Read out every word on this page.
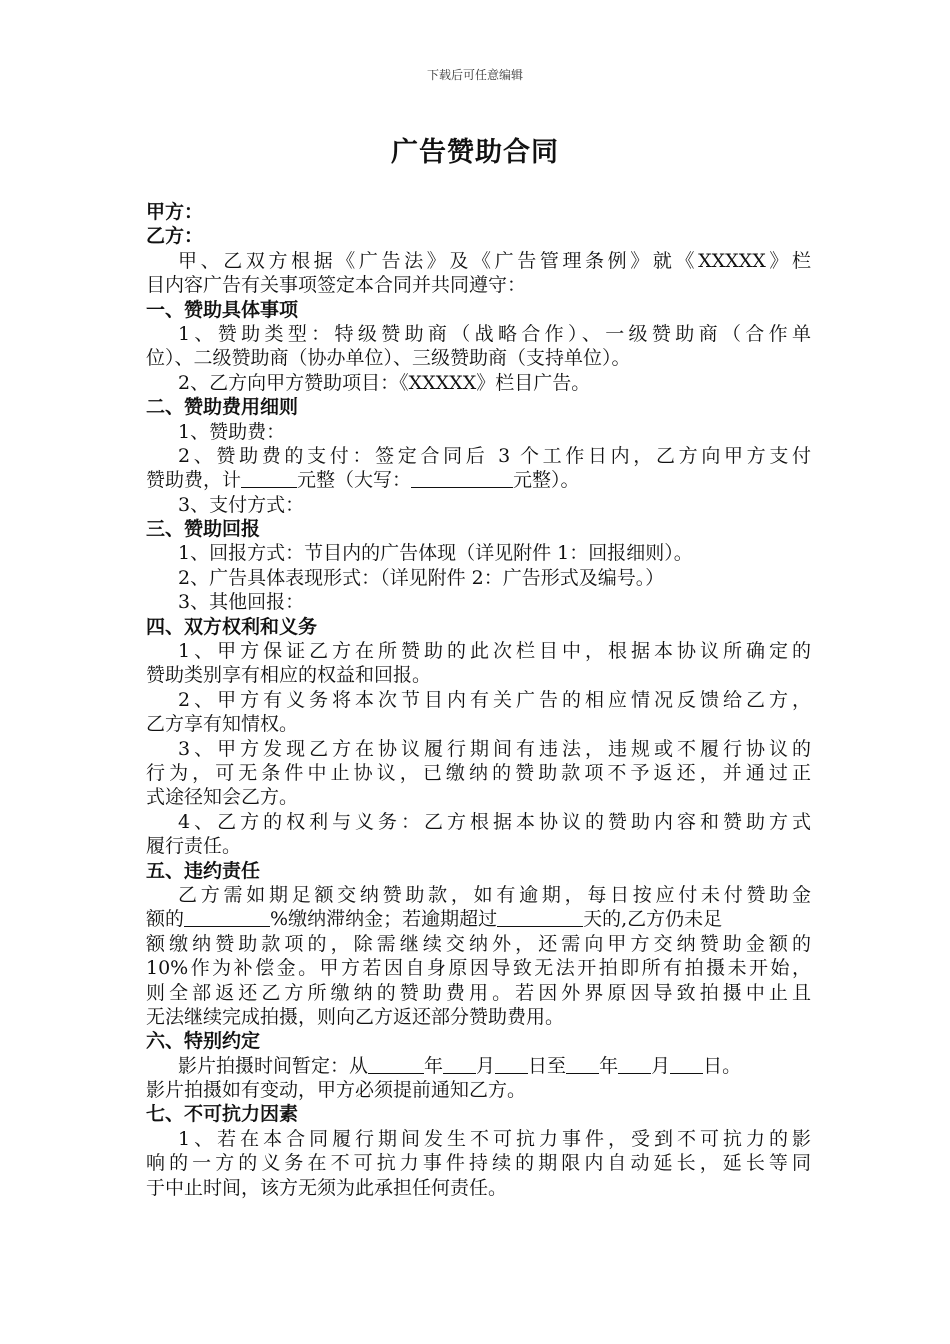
下载后可任意编辑
广告赞助合同
甲方：
乙方：
甲、乙双方根据《广告法》及《广告管理条例》就《XXXXX》栏
目内容广告有关事项签定本合同并共同遵守：
一、赞助具体事项
1、赞助类型：特级赞助商（战略合作）、一级赞助商（合作单
位）、二级赞助商（协办单位）、三级赞助商（支持单位）。
2、乙方向甲方赞助项目：《XXXXX》栏目广告。
二、赞助费用细则
1、赞助费：
2、赞助费的支付：签定合同后 3 个工作日内，乙方向甲方支付
赞助费，计	元整（大写：	元整）。
3、支付方式：
三、赞助回报
1、回报方式：节目内的广告体现（详见附件 1：回报细则）。
2、广告具体表现形式：（详见附件 2：广告形式及编号。）
3、其他回报：
四、双方权利和义务
1、甲方保证乙方在所赞助的此次栏目中，根据本协议所确定的
赞助类别享有相应的权益和回报。
2、甲方有义务将本次节目内有关广告的相应情况反馈给乙方，
乙方享有知情权。
3、甲方发现乙方在协议履行期间有违法，违规或不履行协议的
行为，可无条件中止协议，已缴纳的赞助款项不予返还，并通过正
式途径知会乙方。
4、乙方的权利与义务：乙方根据本协议的赞助内容和赞助方式
履行责任。
五、违约责任
乙方需如期足额交纳赞助款，如有逾期，每日按应付未付赞助金
额的	%缴纳滞纳金；若逾期超过	天的,乙方仍未足
额缴纳赞助款项的，除需继续交纳外，还需向甲方交纳赞助金额的
10%作为补偿金。甲方若因自身原因导致无法开拍即所有拍摄未开始，
则全部返还乙方所缴纳的赞助费用。若因外界原因导致拍摄中止且
无法继续完成拍摄，则向乙方返还部分赞助费用。
六、特别约定
影片拍摄时间暂定：从	年 月 日至 年 月 日。
影片拍摄如有变动，甲方必须提前通知乙方。
七、不可抗力因素
1、若在本合同履行期间发生不可抗力事件，受到不可抗力的影
响的一方的义务在不可抗力事件持续的期限内自动延长，延长等同
于中止时间，该方无须为此承担任何责任。
